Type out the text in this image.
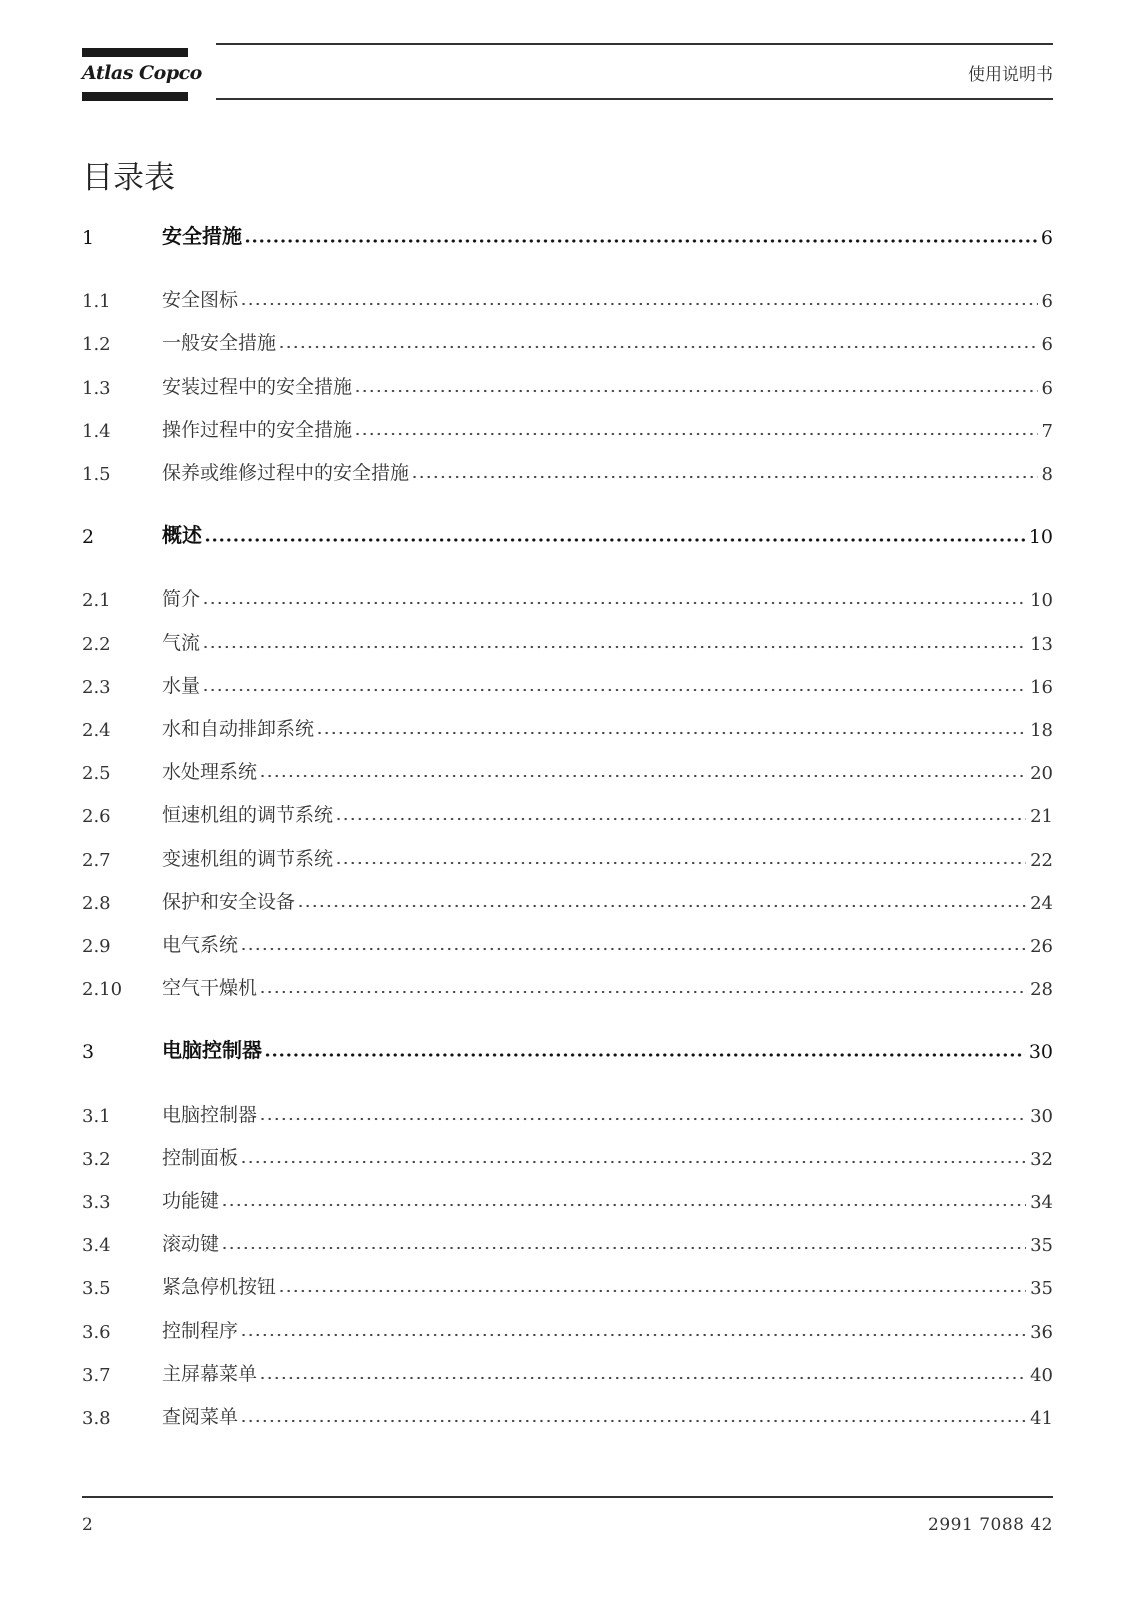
Atlas Copco	使用说明书
目录表
1	安全措施	6
1.1	安全图标	6
1.2	一般安全措施	6
1.3	安装过程中的安全措施	6
1.4	操作过程中的安全措施	7
1.5	保养或维修过程中的安全措施	8
2	概述	10
2.1	简介	10
2.2	气流	13
2.3	水量	16
2.4	水和自动排卸系统	18
2.5	水处理系统	20
2.6	恒速机组的调节系统	21
2.7	变速机组的调节系统	22
2.8	保护和安全设备	24
2.9	电气系统	26
2.10	空气干燥机	28
3	电脑控制器	30
3.1	电脑控制器	30
3.2	控制面板	32
3.3	功能键	34
3.4	滚动键	35
3.5	紧急停机按钮	35
3.6	控制程序	36
3.7	主屏幕菜单	40
3.8	查阅菜单	41
2	2991 7088 42
